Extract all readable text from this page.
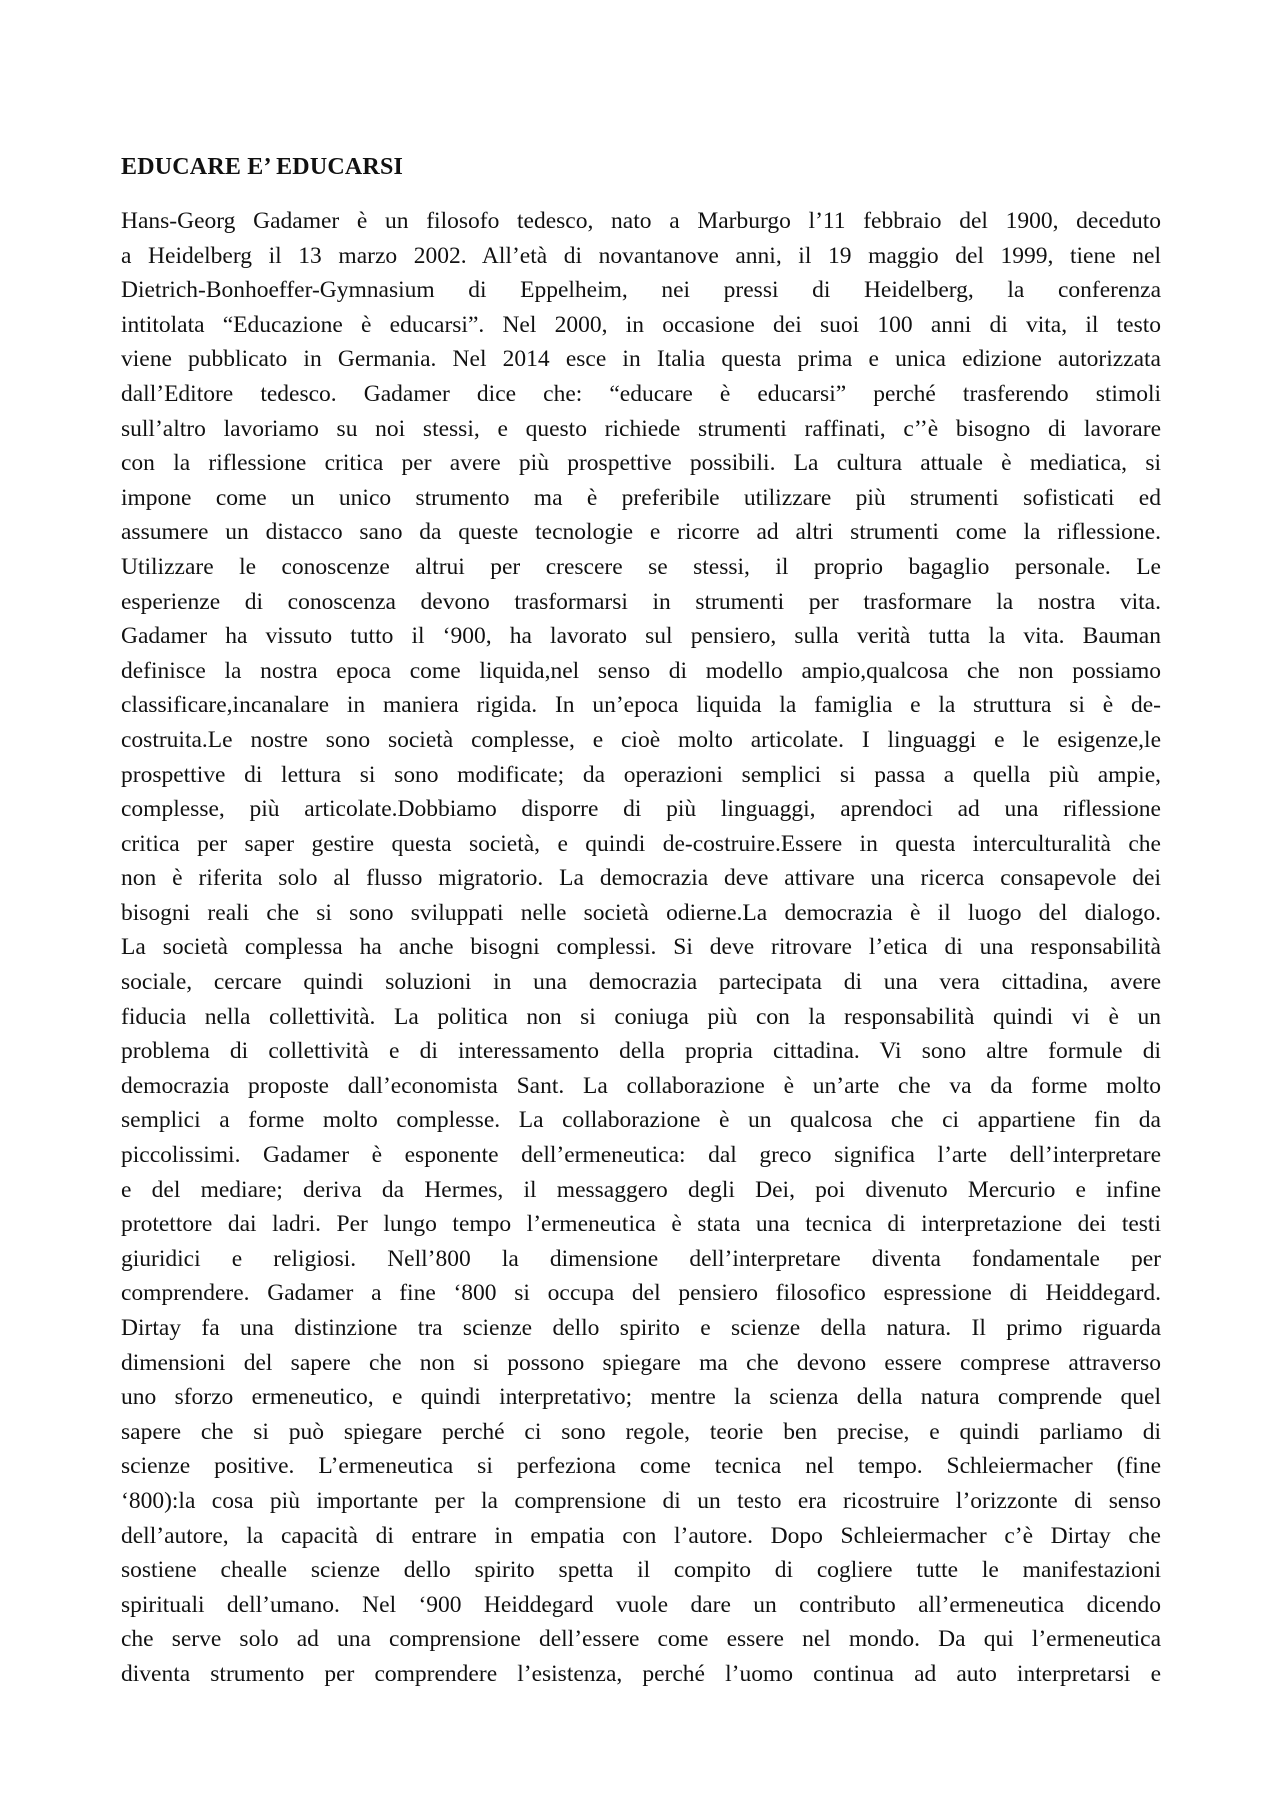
EDUCARE E’ EDUCARSI
Hans-Georg Gadamer è un filosofo tedesco, nato a Marburgo l’11 febbraio del 1900, deceduto
a Heidelberg il 13 marzo 2002. All’età di novantanove anni, il 19 maggio del 1999, tiene nel
Dietrich-Bonhoeffer-Gymnasium di Eppelheim, nei pressi di Heidelberg, la conferenza
intitolata “Educazione è educarsi”. Nel 2000, in occasione dei suoi 100 anni di vita, il testo
viene pubblicato in Germania. Nel 2014 esce in Italia questa prima e unica edizione autorizzata
dall’Editore tedesco. Gadamer dice che: “educare è educarsi” perché trasferendo stimoli
sull’altro lavoriamo su noi stessi, e questo richiede strumenti raffinati, c’’è bisogno di lavorare
con la riflessione critica per avere più prospettive possibili. La cultura attuale è mediatica, si
impone come un unico strumento ma è preferibile utilizzare più strumenti sofisticati ed
assumere un distacco sano da queste tecnologie e ricorre ad altri strumenti come la riflessione.
Utilizzare le conoscenze altrui per crescere se stessi, il proprio bagaglio personale. Le
esperienze di conoscenza devono trasformarsi in strumenti per trasformare la nostra vita.
Gadamer ha vissuto tutto il ‘900, ha lavorato sul pensiero, sulla verità tutta la vita. Bauman
definisce la nostra epoca come liquida,nel senso di modello ampio,qualcosa che non possiamo
classificare,incanalare in maniera rigida. In un’epoca liquida la famiglia e la struttura si è de-
costruita.Le nostre sono società complesse, e cioè molto articolate. I linguaggi e le esigenze,le
prospettive di lettura si sono modificate; da operazioni semplici si passa a quella più ampie,
complesse, più articolate.Dobbiamo disporre di più linguaggi, aprendoci ad una riflessione
critica per saper gestire questa società, e quindi de-costruire.Essere in questa interculturalità che
non è riferita solo al flusso migratorio. La democrazia deve attivare una ricerca consapevole dei
bisogni reali che si sono sviluppati nelle società odierne.La democrazia è il luogo del dialogo.
La società complessa ha anche bisogni complessi. Si deve ritrovare l’etica di una responsabilità
sociale, cercare quindi soluzioni in una democrazia partecipata di una vera cittadina, avere
fiducia nella collettività. La politica non si coniuga più con la responsabilità quindi vi è un
problema di collettività e di interessamento della propria cittadina. Vi sono altre formule di
democrazia proposte dall’economista Sant. La collaborazione è un’arte che va da forme molto
semplici a forme molto complesse. La collaborazione è un qualcosa che ci appartiene fin da
piccolissimi. Gadamer è esponente dell’ermeneutica: dal greco significa l’arte dell’interpretare
e del mediare; deriva da Hermes, il messaggero degli Dei, poi divenuto Mercurio e infine
protettore dai ladri. Per lungo tempo l’ermeneutica è stata una tecnica di interpretazione dei testi
giuridici e religiosi. Nell’800 la dimensione dell’interpretare diventa fondamentale per
comprendere. Gadamer a fine ‘800 si occupa del pensiero filosofico espressione di Heiddegard.
Dirtay fa una distinzione tra scienze dello spirito e scienze della natura. Il primo riguarda
dimensioni del sapere che non si possono spiegare ma che devono essere comprese attraverso
uno sforzo ermeneutico, e quindi interpretativo; mentre la scienza della natura comprende quel
sapere che si può spiegare perché ci sono regole, teorie ben precise, e quindi parliamo di
scienze positive. L’ermeneutica si perfeziona come tecnica nel tempo. Schleiermacher (fine
‘800):la cosa più importante per la comprensione di un testo era ricostruire l’orizzonte di senso
dell’autore, la capacità di entrare in empatia con l’autore. Dopo Schleiermacher c’è Dirtay che
sostiene chealle scienze dello spirito spetta il compito di cogliere tutte le manifestazioni
spirituali dell’umano. Nel ‘900 Heiddegard vuole dare un contributo all’ermeneutica dicendo
che serve solo ad una comprensione dell’essere come essere nel mondo. Da qui l’ermeneutica
diventa strumento per comprendere l’esistenza, perché l’uomo continua ad auto interpretarsi e
